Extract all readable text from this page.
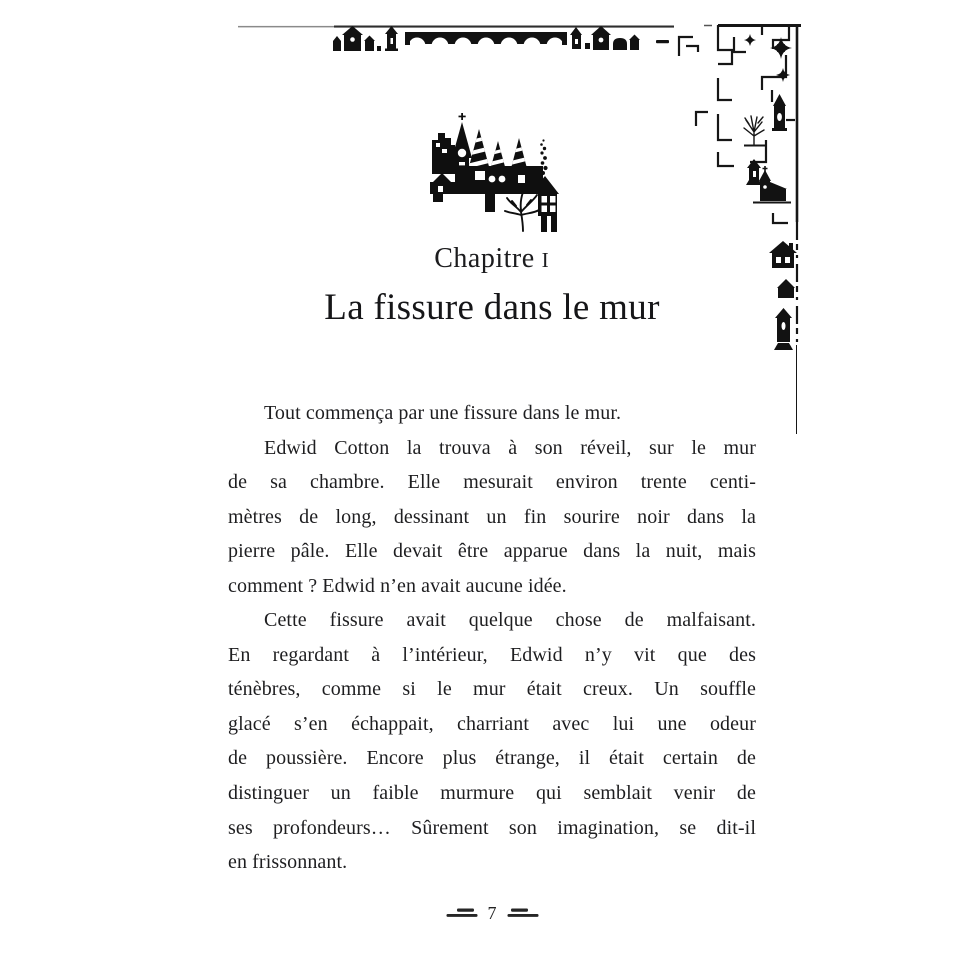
Chapitre I
La fissure dans le mur
Tout commença par une fissure dans le mur.
Edwid Cotton la trouva à son réveil, sur le mur
de sa chambre. Elle mesurait environ trente centi-
mètres de long, dessinant un fin sourire noir dans la
pierre pâle. Elle devait être apparue dans la nuit, mais
comment ? Edwid n’en avait aucune idée.
Cette fissure avait quelque chose de malfaisant.
En regardant à l’intérieur, Edwid n’y vit que des
ténèbres, comme si le mur était creux. Un souffle
glacé s’en échappait, charriant avec lui une odeur
de poussière. Encore plus étrange, il était certain de
distinguer un faible murmure qui semblait venir de
ses profondeurs… Sûrement son imagination, se dit-il
en frissonnant.
7
